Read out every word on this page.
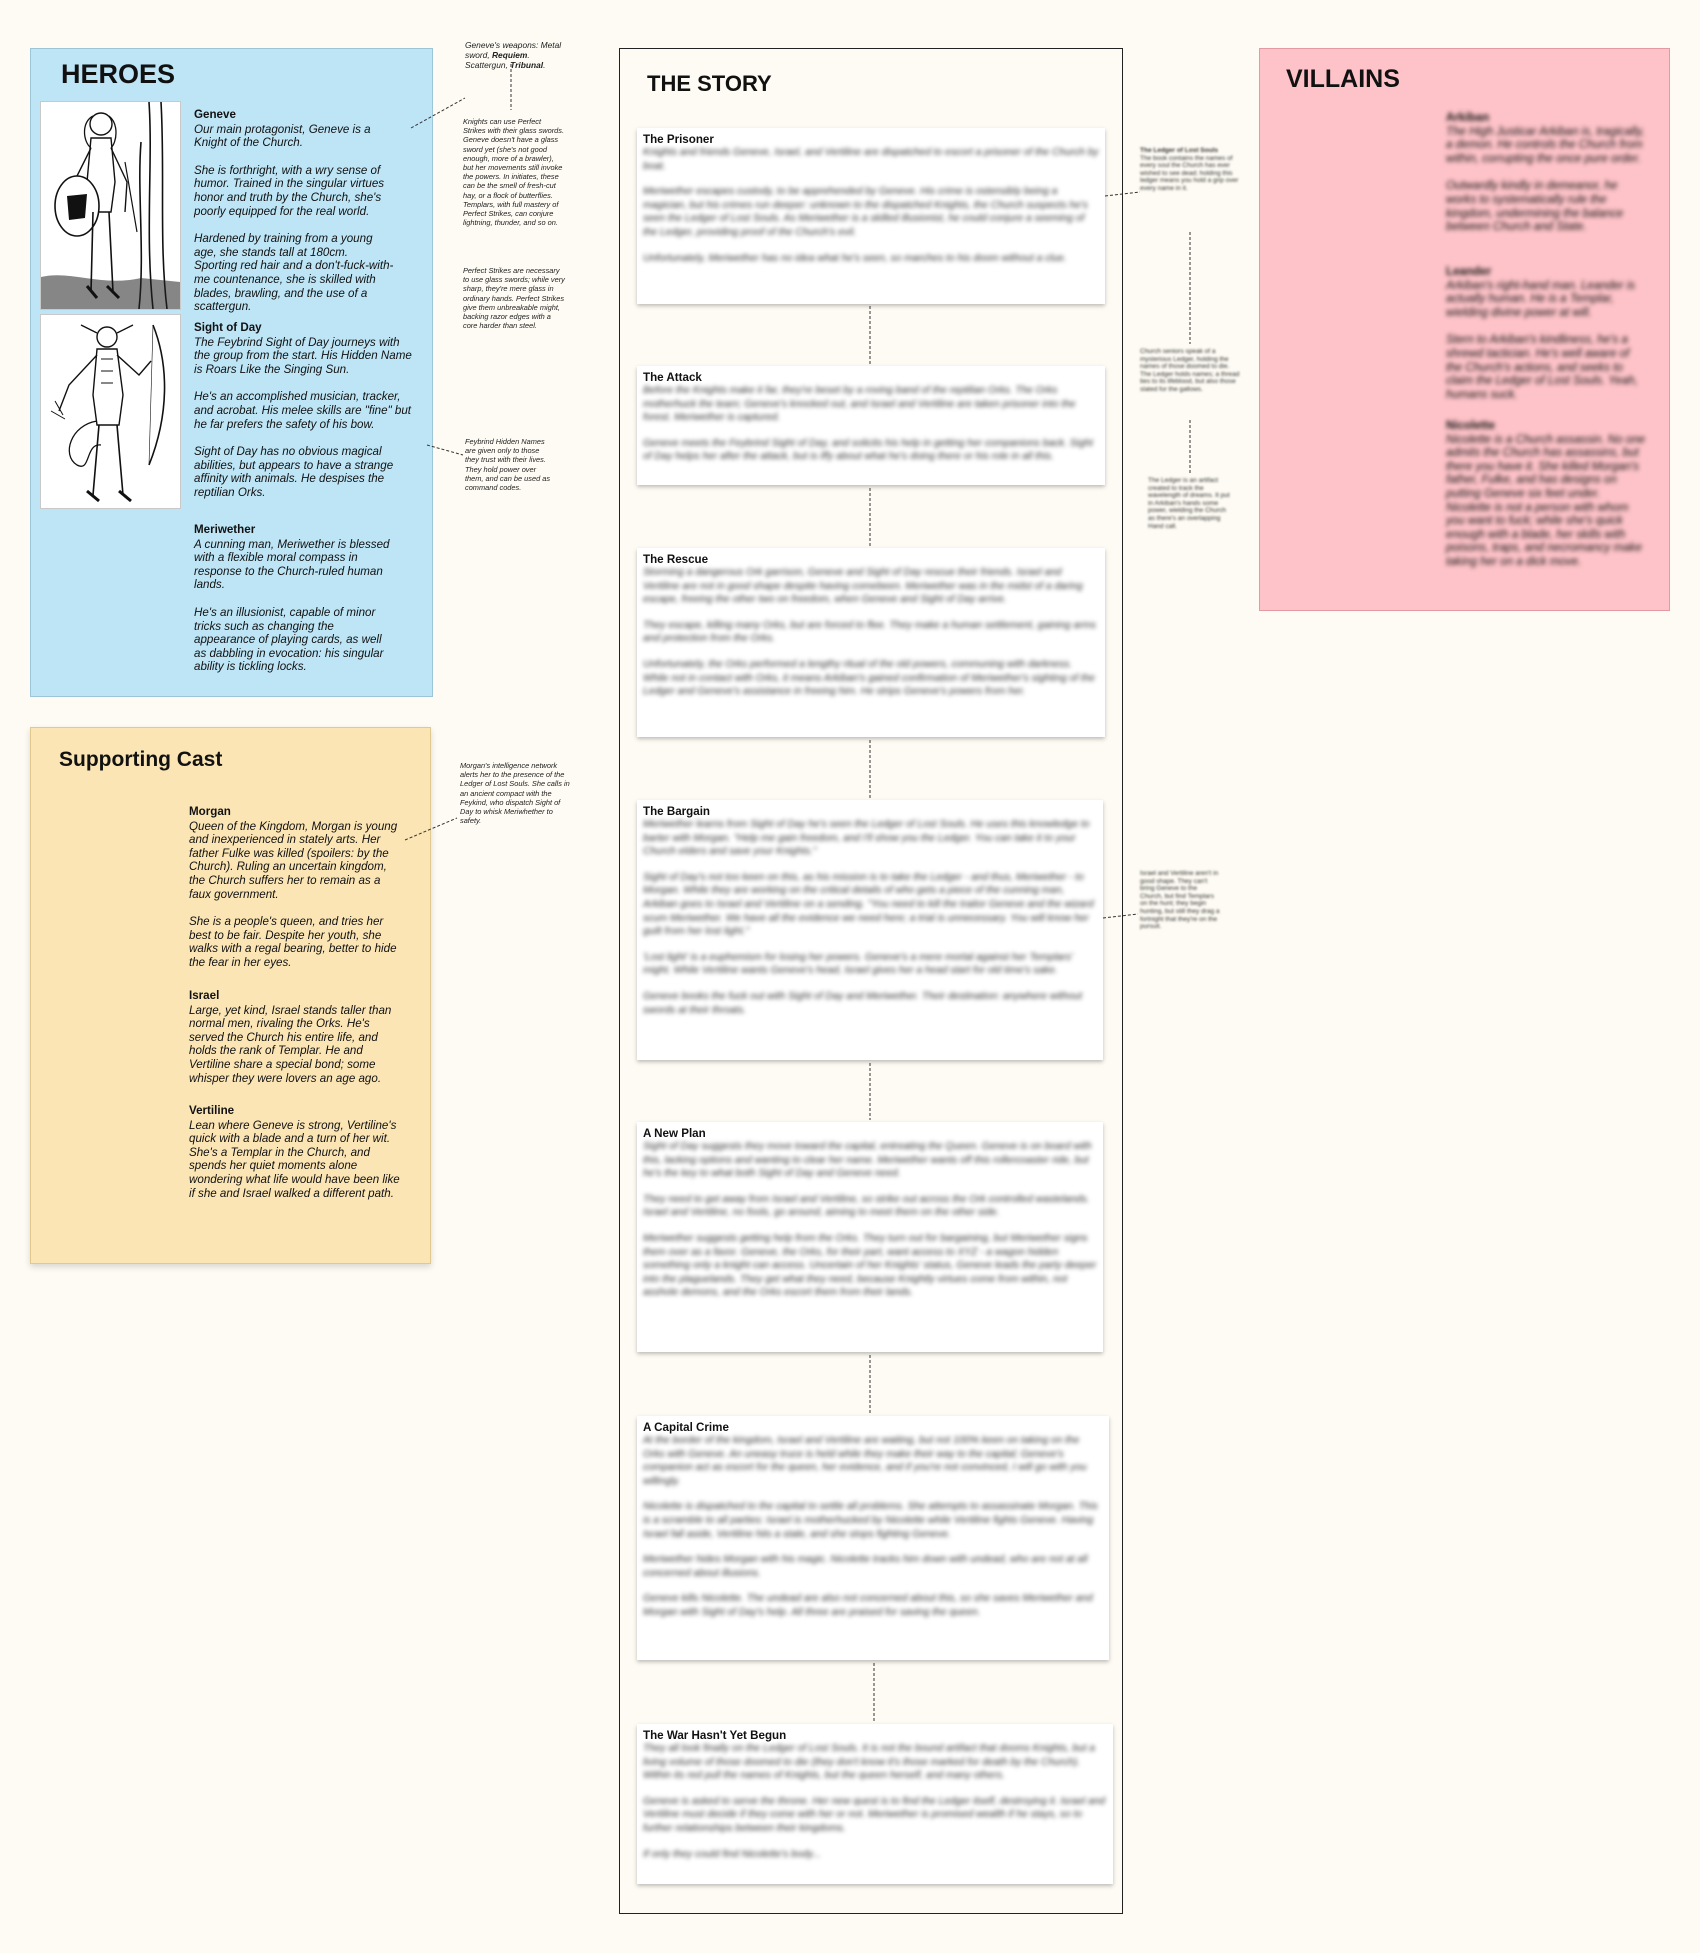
HEROES
Geneve

Our main protagonist, Geneve is a Knight of the Church.

She is forthright, with a wry sense of humor. Trained in the singular virtues honor and truth by the Church, she's poorly equipped for the real world.

Hardened by training from a young age, she stands tall at 180cm. Sporting red hair and a don't-fuck-with-me countenance, she is skilled with blades, brawling, and the use of a scattergun.

Sight of Day

The Feybrind Sight of Day journeys with the group from the start. His Hidden Name is Roars Like the Singing Sun.

He's an accomplished musician, tracker, and acrobat. His melee skills are "fine" but he far prefers the safety of his bow.

Sight of Day has no obvious magical abilities, but appears to have a strange affinity with animals. He despises the reptilian Orks.

Meriwether

A cunning man, Meriwether is blessed with a flexible moral compass in response to the Church-ruled human lands.

He's an illusionist, capable of minor tricks such as changing the appearance of playing cards, as well as dabbling in evocation: his singular ability is tickling locks.

Geneve's weapons: Metal sword, Requiem. Scattergun, Tribunal.
Knights can use Perfect Strikes with their glass swords. Geneve doesn't have a glass sword yet (she's not good enough, more of a brawler), but her movements still invoke the powers. In initiates, these can be the smell of fresh-cut hay, or a flock of butterflies. Templars, with full mastery of Perfect Strikes, can conjure lightning, thunder, and so on.
Perfect Strikes are necessary to use glass swords; while very sharp, they're mere glass in ordinary hands. Perfect Strikes give them unbreakable might, backing razor edges with a core harder than steel.
Feybrind Hidden Names are given only to those they trust with their lives. They hold power over them, and can be used as command codes.
Supporting Cast
Morgan

Queen of the Kingdom, Morgan is young and inexperienced in stately arts. Her father Fulke was killed (spoilers: by the Church). Ruling an uncertain kingdom, the Church suffers her to remain as a faux government.

She is a people's queen, and tries her best to be fair. Despite her youth, she walks with a regal bearing, better to hide the fear in her eyes.

Israel

Large, yet kind, Israel stands taller than normal men, rivaling the Orks. He's served the Church his entire life, and holds the rank of Templar. He and Vertiline share a special bond; some whisper they were lovers an age ago.

Vertiline

Lean where Geneve is strong, Vertiline's quick with a blade and a turn of her wit. She's a Templar in the Church, and spends her quiet moments alone wondering what life would have been like if she and Israel walked a different path.

Morgan's intelligence network alerts her to the presence of the Ledger of Lost Souls. She calls in an ancient compact with the Feykind, who dispatch Sight of Day to whisk Meriwhether to safety.
THE STORY
The Prisoner

Knights and friends Geneve, Israel, and Vertiline are dispatched to escort a prisoner of the Church by boat.

Meriwether escapes custody, to be apprehended by Geneve. His crime is ostensibly being a magician, but his crimes run deeper: unknown to the dispatched Knights, the Church suspects he's seen the Ledger of Lost Souls. As Meriwether is a skilled illusionist, he could conjure a seeming of the Ledger, providing proof of the Church's evil.

Unfortunately, Meriwether has no idea what he's seen, so marches to his doom without a clue.

The Attack

Before the Knights make it far, they're beset by a roving band of the reptilian Orks. The Orks motherhuck the team; Geneve's knocked out, and Israel and Vertiline are taken prisoner into the forest. Meriwether is captured.

Geneve meets the Feybrind Sight of Day, and solicits his help in getting her companions back. Sight of Day helps her after the attack, but is iffy about what he's doing there or his role in all this.

The Rescue

Storming a dangerous Ork garrison, Geneve and Sight of Day rescue their friends. Israel and Vertiline are not in good shape despite having comebeen. Meriwether was in the midst of a daring escape, freeing the other two on freedom, when Geneve and Sight of Day arrive.

They escape, killing many Orks, but are forced to flee. They make a human settlement, gaining arms and protection from the Orks.

Unfortunately, the Orks performed a lengthy ritual of the old powers, communing with darkness. While not in contact with Orks, it means Arkiban's gained confirmation of Meriwether's sighting of the Ledger and Geneve's assistance in freeing him. He strips Geneve's powers from her.

The Bargain

Meriwether learns from Sight of Day he's seen the Ledger of Lost Souls. He uses this knowledge to barter with Morgan. "Help me gain freedom, and I'll show you the Ledger. You can take it to your Church elders and save your Knights."

Sight of Day's not too keen on this, as his mission is to take the Ledger - and thus, Meriwether - to Morgan. While they are working on the critical details of who gets a piece of the cunning man, Arkiban goes to Israel and Vertiline on a sending. "You need to kill the traitor Geneve and the wizard scum Meriwether. We have all the evidence we need here; a trial is unnecessary. You will know her guilt from her lost light."

'Lost light' is a euphemism for losing her powers. Geneve's a mere mortal against her Templars' might. While Vertiline wants Geneve's head, Israel gives her a head start for old time's sake.

Geneve books the fuck out with Sight of Day and Meriwether. Their destination: anywhere without swords at their throats.

A New Plan

Sight of Day suggests they move toward the capital, entreating the Queen. Geneve is on board with this, lacking options and wanting to clear her name. Meriwether wants off this rollercoaster ride, but he's the key to what both Sight of Day and Geneve need.

They need to get away from Israel and Vertiline, so strike out across the Ork controlled wastelands. Israel and Vertiline, no fools, go around, aiming to meet them on the other side.

Meriwether suggests getting help from the Orks. They turn out for bargaining, but Meriwether signs them over as a favor. Geneve, the Orks, for their part, want access to XYZ - a wagon hidden something only a knight can access. Uncertain of her Knights' status, Geneve leads the party deeper into the plaguelands. They get what they need, because Knightly virtues come from within, not asshole demons, and the Orks escort them from their lands.

A Capital Crime

At the border of the kingdom, Israel and Vertiline are waiting, but not 100% keen on taking on the Orks with Geneve. An uneasy truce is held while they make their way to the capital; Geneve's companion act as escort for the queen, her evidence, and if you're not convinced, I will go with you willingly.

Nicolette is dispatched to the capital to settle all problems. She attempts to assassinate Morgan. This is a scramble to all parties: Israel is motherhucked by Nicolette while Vertiline fights Geneve. Having Israel fall aside, Vertiline hits a stale, and she stops fighting Geneve.

Meriwether hides Morgan with his magic. Nicolette tracks him down with undead, who are not at all concerned about illusions.

Geneve kills Nicolette. The undead are also not concerned about this, so she saves Meriwether and Morgan with Sight of Day's help. All three are praised for saving the queen.

The War Hasn't Yet Begun

They all look finally on the Ledger of Lost Souls. It is not the bound artifact that dooms Knights, but a living volume of those doomed to die (they don't know it's those marked for death by the Church). Within its red pull the names of Knights, but the queen herself, and many others.

Geneve is asked to serve the throne. Her new quest is to find the Ledger itself, destroying it. Israel and Vertiline must decide if they come with her or not. Meriwether is promised wealth if he stays, so to further relationships between their kingdoms.

If only they could find Nicolette's body...

The Ledger of Lost Souls
The book contains the names of every soul the Church has ever wished to see dead; holding this ledger means you hold a grip over every name in it.
Church seniors speak of a mysterious Ledger, holding the names of those doomed to die. The Ledger holds names; a thread ties to its lifeblood, but also those slated for the gallows.
The Ledger is an artifact created to track the wavelength of dreams. It put in Arkiban's hands some power, wielding the Church as there's an overlapping Hand call.
Israel and Vertiline aren't in good shape. They can't bring Geneve to the Church, but find Templars on the hunt; they begin hunting, but still they drag a fortnight that they're on the pursuit.
VILLAINS
Arkiban

The High Justicar Arkiban is, tragically, a demon. He controls the Church from within, corrupting the once pure order.

Outwardly kindly in demeanor, he works to systematically rule the kingdom, undermining the balance between Church and State.

Leander

Arkiban's right-hand man. Leander is actually human. He is a Templar, wielding divine power at will.

Stern to Arkiban's kindliness, he's a shrewd tactician. He's well aware of the Church's actions, and seeks to claim the Ledger of Lost Souls. Yeah, humans suck.

Nicolette

Nicolette is a Church assassin. No one admits the Church has assassins, but there you have it. She killed Morgan's father, Fulke, and has designs on putting Geneve six feet under. Nicolette is not a person with whom you want to fuck; while she's quick enough with a blade, her skills with poisons, traps, and necromancy make taking her on a dick move.
